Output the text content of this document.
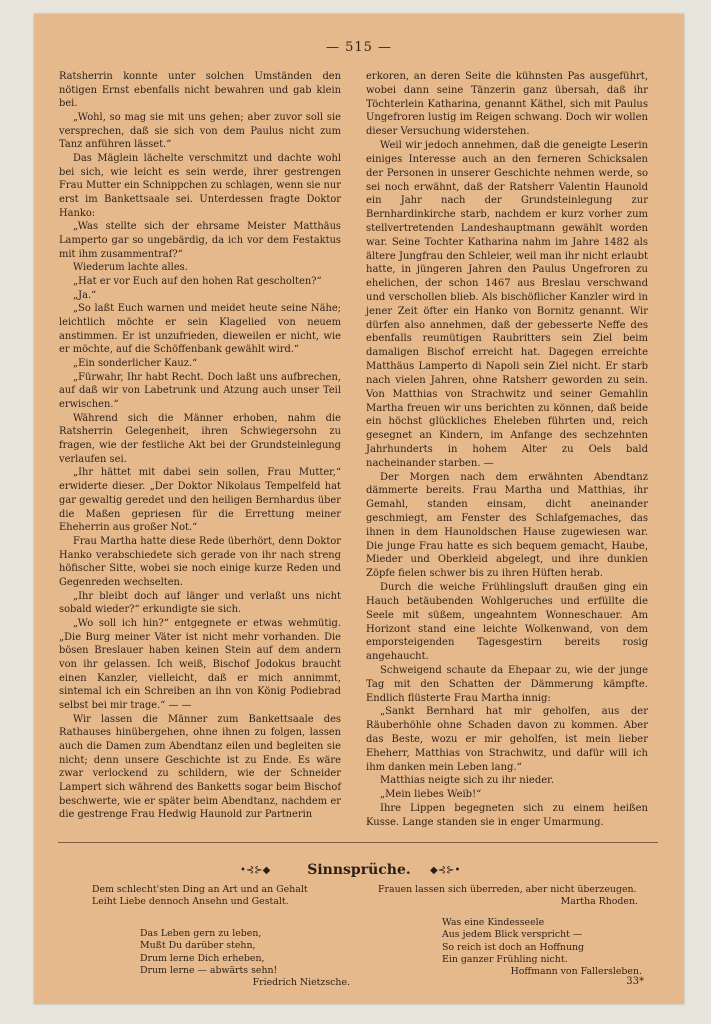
— 515 —

Ratsherrin konnte unter solchen Umständen den nötigen Ernst ebenfalls nicht bewahren und gab klein bei.

„Wohl, so mag sie mit uns gehen; aber zuvor soll sie versprechen, daß sie sich von dem Paulus nicht zum Tanz anführen lässet.“

Das Mäglein lächelte verschmitzt und dachte wohl bei sich, wie leicht es sein werde, ihrer gestrengen Frau Mutter ein Schnippchen zu schlagen, wenn sie nur erst im Bankettsaale sei. Unterdessen fragte Doktor Hanko:

„Was stellte sich der ehrsame Meister Matthäus Lamperto gar so ungebärdig, da ich vor dem Festaktus mit ihm zusammentraf?“

Wiederum lachte alles.

„Hat er vor Euch auf den hohen Rat gescholten?“

„Ja.“

„So laßt Euch warnen und meidet heute seine Nähe; leichtlich möchte er sein Klagelied von neuem anstimmen. Er ist unzufrieden, dieweilen er nicht, wie er möchte, auf die Schöffenbank gewählt wird.“

„Ein sonderlicher Kauz.“

„Fürwahr, Ihr habt Recht. Doch laßt uns aufbrechen, auf daß wir von Labetrunk und Atzung auch unser Teil erwischen.“

Während sich die Männer erhoben, nahm die Ratsherrin Gelegenheit, ihren Schwiegersohn zu fragen, wie der festliche Akt bei der Grundsteinlegung verlaufen sei.

„Ihr hättet mit dabei sein sollen, Frau Mutter,“ erwiderte dieser. „Der Doktor Nikolaus Tempelfeld hat gar gewaltig geredet und den heiligen Bernhardus über die Maßen gepriesen für die Errettung meiner Eheherrin aus großer Not.“

Frau Martha hatte diese Rede überhört, denn Doktor Hanko verabschiedete sich gerade von ihr nach streng höfischer Sitte, wobei sie noch einige kurze Reden und Gegenreden wechselten.

„Ihr bleibt doch auf länger und verlaßt uns nicht sobald wieder?“ erkundigte sie sich.

„Wo soll ich hin?“ entgegnete er etwas wehmütig. „Die Burg meiner Väter ist nicht mehr vorhanden. Die bösen Breslauer haben keinen Stein auf dem andern von ihr gelassen. Ich weiß, Bischof Jodokus braucht einen Kanzler, vielleicht, daß er mich annimmt, sintemal ich ein Schreiben an ihn von König Podiebrad selbst bei mir trage.“ — —

Wir lassen die Männer zum Bankettsaale des Rathauses hinübergehen, ohne ihnen zu folgen, lassen auch die Damen zum Abendtanz eilen und begleiten sie nicht; denn unsere Geschichte ist zu Ende. Es wäre zwar verlockend zu schildern, wie der Schneider Lampert sich während des Banketts sogar beim Bischof beschwerte, wie er später beim Abendtanz, nachdem er die gestrenge Frau Hedwig Haunold zur Partnerin

erkoren, an deren Seite die kühnsten Pas ausgeführt, wobei dann seine Tänzerin ganz übersah, daß ihr Töchterlein Katharina, genannt Käthel, sich mit Paulus Ungefroren lustig im Reigen schwang. Doch wir wollen dieser Versuchung widerstehen.

Weil wir jedoch annehmen, daß die geneigte Leserin einiges Interesse auch an den ferneren Schicksalen der Personen in unserer Geschichte nehmen werde, so sei noch erwähnt, daß der Ratsherr Valentin Haunold ein Jahr nach der Grundsteinlegung zur Bernhardinkirche starb, nachdem er kurz vorher zum stellvertretenden Landeshauptmann gewählt worden war. Seine Tochter Katharina nahm im Jahre 1482 als ältere Jungfrau den Schleier, weil man ihr nicht erlaubt hatte, in jüngeren Jahren den Paulus Ungefroren zu ehelichen, der schon 1467 aus Breslau verschwand und verschollen blieb. Als bischöflicher Kanzler wird in jener Zeit öfter ein Hanko von Bornitz genannt. Wir dürfen also annehmen, daß der gebesserte Neffe des ebenfalls reumütigen Raubritters sein Ziel beim damaligen Bischof erreicht hat. Dagegen erreichte Matthäus Lamperto di Napoli sein Ziel nicht. Er starb nach vielen Jahren, ohne Ratsherr geworden zu sein. Von Matthias von Strachwitz und seiner Gemahlin Martha freuen wir uns berichten zu können, daß beide ein höchst glückliches Eheleben führten und, reich gesegnet an Kindern, im Anfange des sechzehnten Jahrhunderts in hohem Alter zu Oels bald nacheinander starben. —

Der Morgen nach dem erwähnten Abendtanz dämmerte bereits. Frau Martha und Matthias, ihr Gemahl, standen einsam, dicht aneinander geschmiegt, am Fenster des Schlafgemaches, das ihnen in dem Haunoldschen Hause zugewiesen war. Die junge Frau hatte es sich bequem gemacht, Haube, Mieder und Oberkleid abgelegt, und ihre dunklen Zöpfe fielen schwer bis zu ihren Hüften herab.

Durch die weiche Frühlingsluft draußen ging ein Hauch betäubenden Wohlgeruches und erfüllte die Seele mit süßem, ungeahntem Wonneschauer. Am Horizont stand eine leichte Wolkenwand, von dem emporsteigenden Tagesgestirn bereits rosig angehaucht.

Schweigend schaute da Ehepaar zu, wie der junge Tag mit den Schatten der Dämmerung kämpfte. Endlich flüsterte Frau Martha innig:

„Sankt Bernhard hat mir geholfen, aus der Räuberhöhle ohne Schaden davon zu kommen. Aber das Beste, wozu er mir geholfen, ist mein lieber Eheherr, Matthias von Strachwitz, und dafür will ich ihm danken mein Leben lang.“

Matthias neigte sich zu ihr nieder.

„Mein liebes Weib!“

Ihre Lippen begegneten sich zu einem heißen Kusse. Lange standen sie in enger Umarmung.

•⊰⊱◆	Sinnsprüche.	◆⊰⊱•
Dem schlecht'sten Ding an Art und an Gehalt
Leiht Liebe dennoch Ansehn und Gestalt.
Das Leben gern zu leben,
Mußt Du darüber stehn,
Drum lerne Dich erheben,
Drum lerne — abwärts sehn!
Friedrich Nietzsche.
Frauen lassen sich überreden, aber nicht überzeugen.
Martha Rhoden.
Was eine Kindesseele
Aus jedem Blick verspricht —
So reich ist doch an Hoffnung
Ein ganzer Frühling nicht.
Hoffmann von Fallersleben.
33*
